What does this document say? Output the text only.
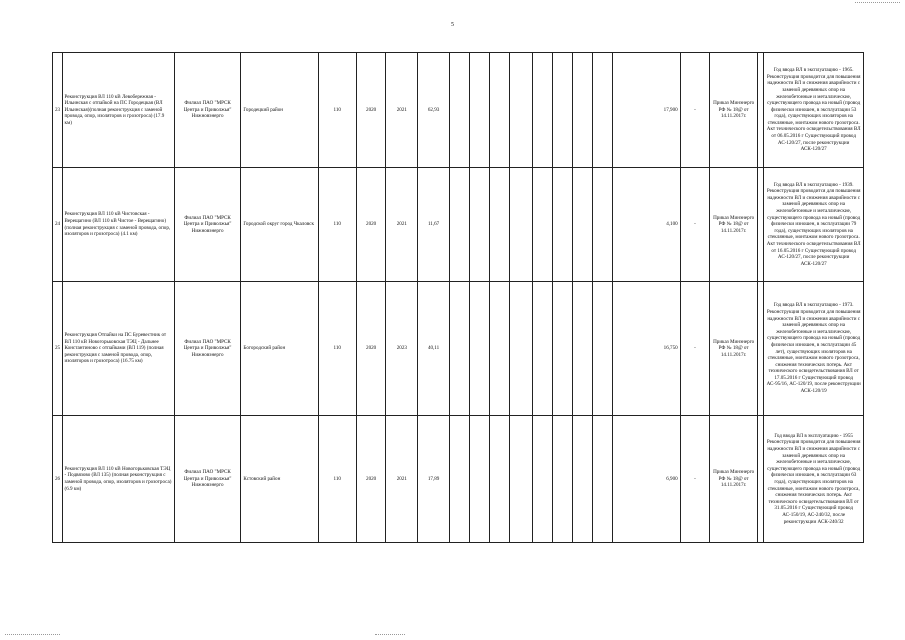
5
23	Реконструкция ВЛ 110 кВ Левобережная - Ильинская с отпайкой на ПС Городецкая (ВЛ Ильинская)(полная реконструкция с заменой провода, опор, изоляторов и грозотроса) (17.9 км)	Филиал ПАО "МРСК Центра и Приволжья" Нижновэнерго	Городецкий район	110	2020	2021	62,93									17,900	-	Приказ Минэнерго РФ № 18@ от 14.11.2017г.		Год ввода ВЛ в эксплуатацию - 1965. Реконструкция проводится для повышения надежности ВЛ и снижения аварийности с заменой деревянных опор на железобетонные и металлические, существующего провода на новый (провод физически изношен, в эксплуатации 53 года), существующих изоляторов на стеклянные, монтажом нового грозотроса. Акт технического освидетельствования ВЛ от 06.05.2016 г Существующий провод АС-120/27, после реконструкции АСК-120/27
24	Реконструкция ВЛ 110 кВ Чистовская - Верещагино (ВЛ 110 кВ Чистое - Верещагино) (полная реконструкция с заменой провода, опор, изоляторов и грозотроса) (4.1 км)	Филиал ПАО "МРСК Центра и Приволжья" Нижновэнерго	Городской округ город Чкаловск	110	2020	2021	11,67									4,100	-	Приказ Минэнерго РФ № 18@ от 14.11.2017г.		Год ввода ВЛ в эксплуатацию - 1939. Реконструкция проводится для повышения надежности ВЛ и снижения аварийности с заменой деревянных опор на железобетонные и металлические, существующего провода на новый (провод физически изношен, в эксплуатации 79 года), существующих изоляторов на стеклянные, монтажом нового грозотроса. Акт технического освидетельствования ВЛ от 16.05.2016 г Существующий провод АС-120/27, после реконструкции АСК-120/27
25	Реконструкция Отпайки на ПС Буревестник от ВЛ 110 кВ Новогорьковская ТЭЦ - Дальнее Константиново с отпайками (ВЛ 119) (полная реконструкция с заменой провода, опор, изоляторов и грозотроса) (16.75 км)	Филиал ПАО "МРСК Центра и Приволжья" Нижновэнерго	Богородский район	110	2020	2023	40,11									16,750	-	Приказ Минэнерго РФ № 18@ от 14.11.2017г.		Год ввода ВЛ в эксплуатацию - 1973. Реконструкция проводится для повышения надежности ВЛ и снижения аварийности с заменой деревянных опор на железобетонные и металлические, существующего провода на новый (провод физически изношен, в эксплуатации 45 лет), существующих изоляторов на стеклянные, монтажом нового грозотроса, снижения технических потерь. Акт технического освидетельствования ВЛ от 17.05.2016 г Существующий провод АС-95/16, АС-120/19, после реконструкции АСК-120/19
26	Реконструкция ВЛ 110 кВ Новогорьковская ТЭЦ - Подвязово (ВЛ 135) (полная реконструкция с заменой провода, опор, изоляторов и грозотроса) (6.9 км)	Филиал ПАО "МРСК Центра и Приволжья" Нижновэнерго	Кстовский район	110	2020	2021	17,89									6,900	-	Приказ Минэнерго РФ № 18@ от 14.11.2017г.		Год ввода ВЛ в эксплуатацию - 1955 Реконструкция проводится для повышения надежности ВЛ и снижения аварийности с заменой деревянных опор на железобетонные и металлические, существующего провода на новый (провод физически изношен, в эксплуатации 63 года), существующих изоляторов на стеклянные, монтажом нового грозотроса, снижения технических потерь. Акт технического освидетельствования ВЛ от 31.05.2016 г Существующий провод АС-150/19, АС-240/32, после реконструкции АСК-240/32
